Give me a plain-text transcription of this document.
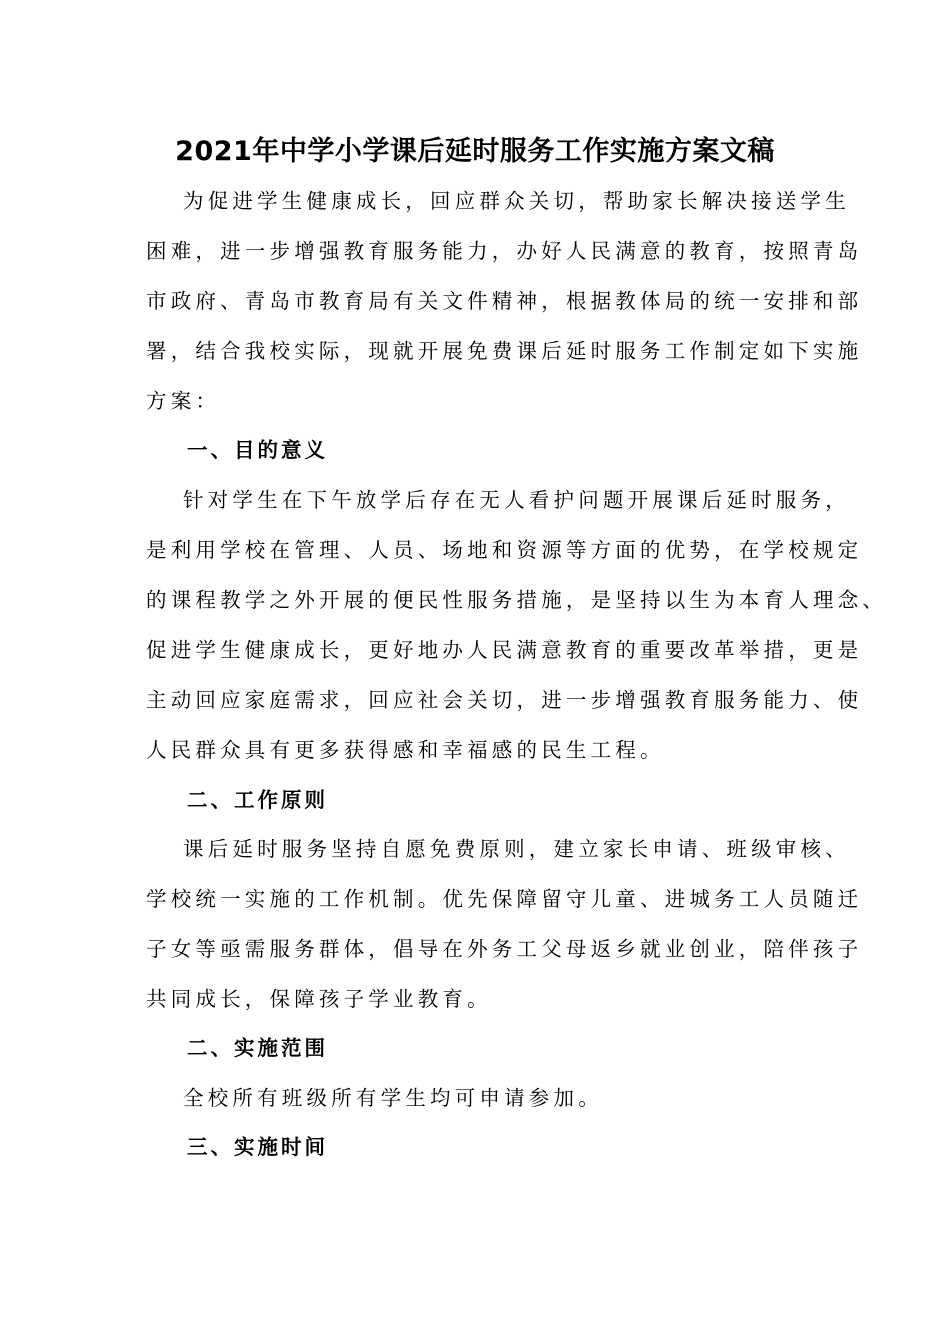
2021年中学小学课后延时服务工作实施方案文稿
为促进学生健康成长，回应群众关切，帮助家长解决接送学生
困难，进一步增强教育服务能力，办好人民满意的教育，按照青岛
市政府、青岛市教育局有关文件精神，根据教体局的统一安排和部
署，结合我校实际，现就开展免费课后延时服务工作制定如下实施
方案：
一、目的意义
针对学生在下午放学后存在无人看护问题开展课后延时服务，
是利用学校在管理、人员、场地和资源等方面的优势，在学校规定
的课程教学之外开展的便民性服务措施，是坚持以生为本育人理念、
促进学生健康成长，更好地办人民满意教育的重要改革举措，更是
主动回应家庭需求，回应社会关切，进一步增强教育服务能力、使
人民群众具有更多获得感和幸福感的民生工程。
二、工作原则
课后延时服务坚持自愿免费原则，建立家长申请、班级审核、
学校统一实施的工作机制。优先保障留守儿童、进城务工人员随迁
子女等亟需服务群体，倡导在外务工父母返乡就业创业，陪伴孩子
共同成长，保障孩子学业教育。
二、实施范围
全校所有班级所有学生均可申请参加。
三、实施时间
